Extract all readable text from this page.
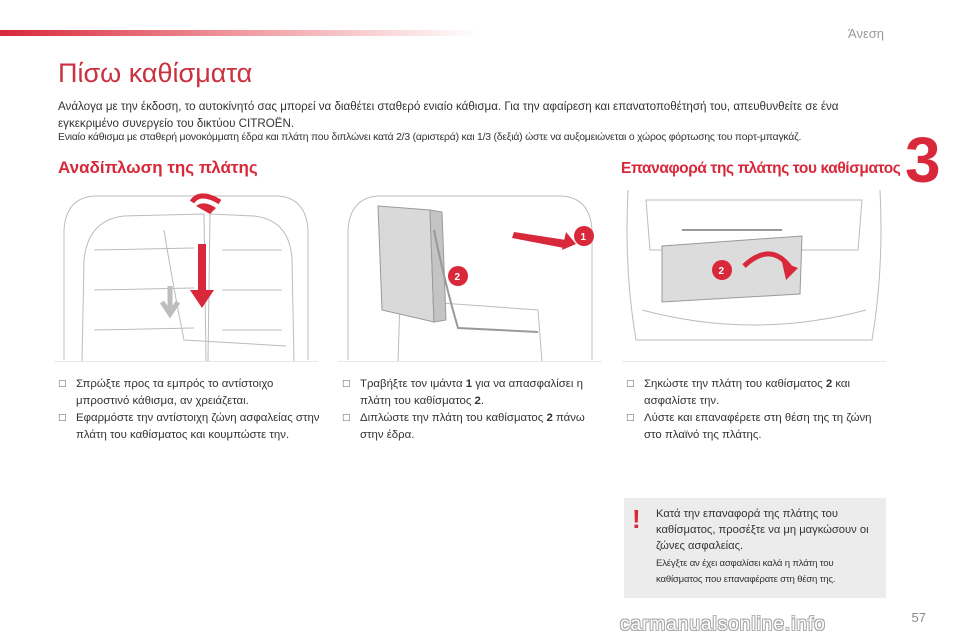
Άνεση
3
Πίσω καθίσματα

Ανάλογα με την έκδοση, το αυτοκίνητό σας μπορεί να διαθέτει σταθερό ενιαίο κάθισμα. Για την αφαίρεση και επανατοποθέτησή του, απευθυνθείτε σε ένα εγκεκριμένο συνεργείο του δικτύου CITROËN.

Ενιαίο κάθισμα με σταθερή μονοκόμματη έδρα και πλάτη που διπλώνει κατά 2/3 (αριστερά) και 1/3 (δεξιά) ώστε να αυξομειώνεται ο χώρος φόρτωσης του πορτ-μπαγκάζ.

Αναδίπλωση της πλάτης	Επαναφορά της πλάτης του καθίσματος
1
2
2
□ Σπρώξτε προς τα εμπρός το αντίστοιχο μπροστινό κάθισμα, αν χρειάζεται.
□ Εφαρμόστε την αντίστοιχη ζώνη ασφαλείας στην πλάτη του καθίσματος και κουμπώστε την.
□ Τραβήξτε τον ιμάντα 1 για να απασφαλίσει η πλάτη του καθίσματος 2.
□ Διπλώστε την πλάτη του καθίσματος 2 πάνω στην έδρα.
□ Σηκώστε την πλάτη του καθίσματος 2 και ασφαλίστε την.
□ Λύστε και επαναφέρετε στη θέση της τη ζώνη στο πλαϊνό της πλάτης.
! Κατά την επαναφορά της πλάτης του καθίσματος, προσέξτε να μη μαγκώσουν οι ζώνες ασφαλείας.
Ελέγξτε αν έχει ασφαλίσει καλά η πλάτη του καθίσματος που επαναφέρατε στη θέση της.
carmanualsonline.info	57
